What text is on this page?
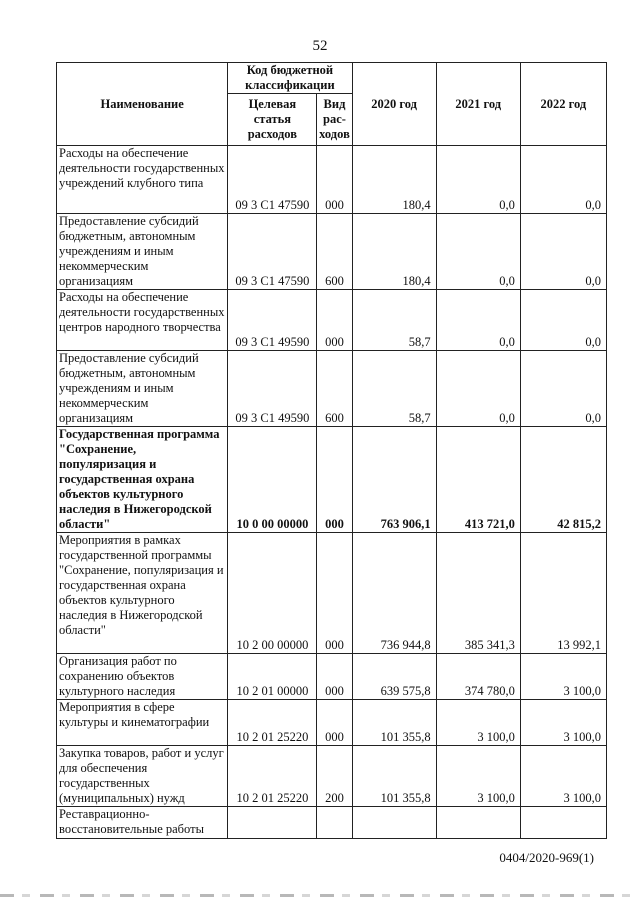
52
Наименование	Код бюджетной классификации		2020 год	2021 год	2022 год
	Целевая статья расходов	Вид рас-ходов			
Расходы на обеспечение деятельности государственных учреждений клубного типа	09 3 С1 47590	000	180,4	0,0	0,0
Предоставление субсидий бюджетным, автономным учреждениям и иным некоммерческим организациям	09 3 С1 47590	600	180,4	0,0	0,0
Расходы на обеспечение деятельности государственных центров народного творчества	09 3 С1 49590	000	58,7	0,0	0,0
Предоставление субсидий бюджетным, автономным учреждениям и иным некоммерческим организациям	09 3 С1 49590	600	58,7	0,0	0,0
Государственная программа "Сохранение, популяризация и государственная охрана объектов культурного наследия в Нижегородской области"	10 0 00 00000	000	763 906,1	413 721,0	42 815,2
Мероприятия в рамках государственной программы "Сохранение, популяризация и государственная охрана объектов культурного наследия в Нижегородской области"	10 2 00 00000	000	736 944,8	385 341,3	13 992,1
Организация работ по сохранению объектов культурного наследия	10 2 01 00000	000	639 575,8	374 780,0	3 100,0
Мероприятия в сфере культуры и кинематографии	10 2 01 25220	000	101 355,8	3 100,0	3 100,0
Закупка товаров, работ и услуг для обеспечения государственных (муниципальных) нужд	10 2 01 25220	200	101 355,8	3 100,0	3 100,0
Реставрационно-восстановительные работы					
0404/2020-969(1)
